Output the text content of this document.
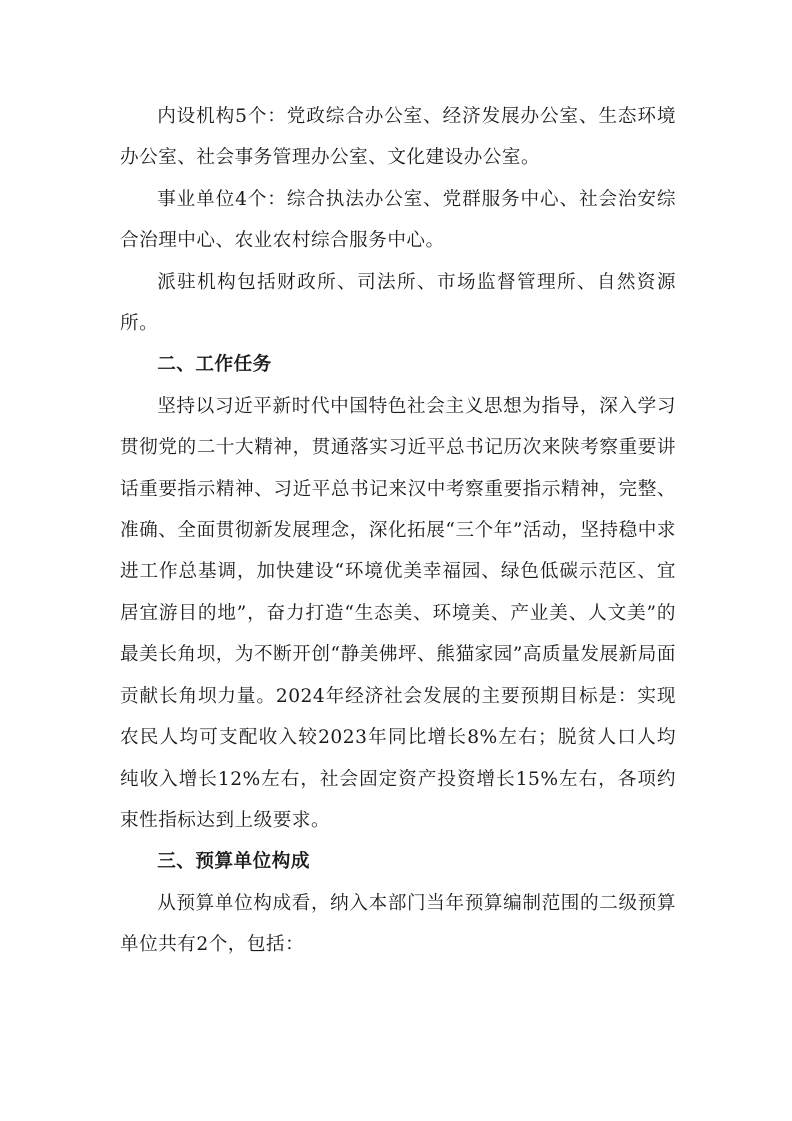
内设机构5个：党政综合办公室、经济发展办公室、生态环境办公室、社会事务管理办公室、文化建设办公室。

事业单位4个：综合执法办公室、党群服务中心、社会治安综合治理中心、农业农村综合服务中心。

派驻机构包括财政所、司法所、市场监督管理所、自然资源所。

二、工作任务

坚持以习近平新时代中国特色社会主义思想为指导，深入学习贯彻党的二十大精神，贯通落实习近平总书记历次来陕考察重要讲话重要指示精神、习近平总书记来汉中考察重要指示精神，完整、准确、全面贯彻新发展理念，深化拓展“三个年”活动，坚持稳中求进工作总基调，加快建设“环境优美幸福园、绿色低碳示范区、宜居宜游目的地”，奋力打造“生态美、环境美、产业美、人文美”的最美长角坝，为不断开创“静美佛坪、熊猫家园”高质量发展新局面贡献长角坝力量。2024年经济社会发展的主要预期目标是：实现农民人均可支配收入较2023年同比增长8%左右；脱贫人口人均纯收入增长12%左右，社会固定资产投资增长15%左右，各项约束性指标达到上级要求。

三、预算单位构成

从预算单位构成看，纳入本部门当年预算编制范围的二级预算单位共有2个，包括：
